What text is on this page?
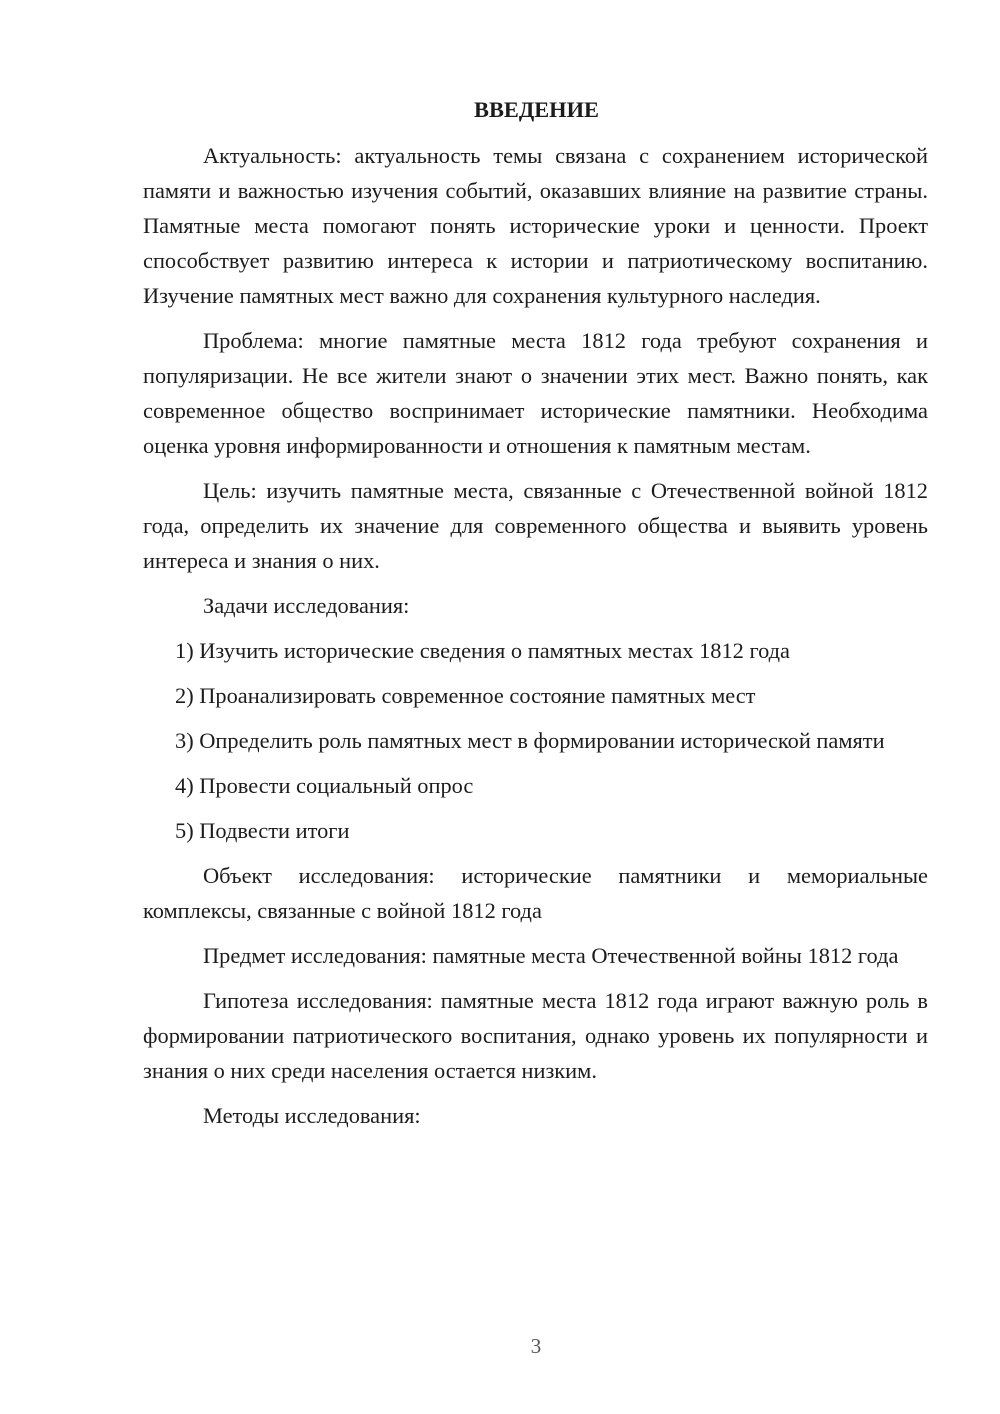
ВВЕДЕНИЕ

Актуальность: актуальность темы связана с сохранением исторической памяти и важностью изучения событий, оказавших влияние на развитие страны. Памятные места помогают понять исторические уроки и ценности. Проект способствует развитию интереса к истории и патриотическому воспитанию. Изучение памятных мест важно для сохранения культурного наследия.

Проблема: многие памятные места 1812 года требуют сохранения и популяризации. Не все жители знают о значении этих мест. Важно понять, как современное общество воспринимает исторические памятники. Необходима оценка уровня информированности и отношения к памятным местам.

Цель: изучить памятные места, связанные с Отечественной войной 1812 года, определить их значение для современного общества и выявить уровень интереса и знания о них.

Задачи исследования:

1) Изучить исторические сведения о памятных местах 1812 года

2) Проанализировать современное состояние памятных мест

3) Определить роль памятных мест в формировании исторической памяти

4) Провести социальный опрос

5) Подвести итоги

Объект исследования: исторические памятники и мемориальные комплексы, связанные с войной 1812 года

Предмет исследования: памятные места Отечественной войны 1812 года

Гипотеза исследования: памятные места 1812 года играют важную роль в формировании патриотического воспитания, однако уровень их популярности и знания о них среди населения остается низким.

Методы исследования:

3
